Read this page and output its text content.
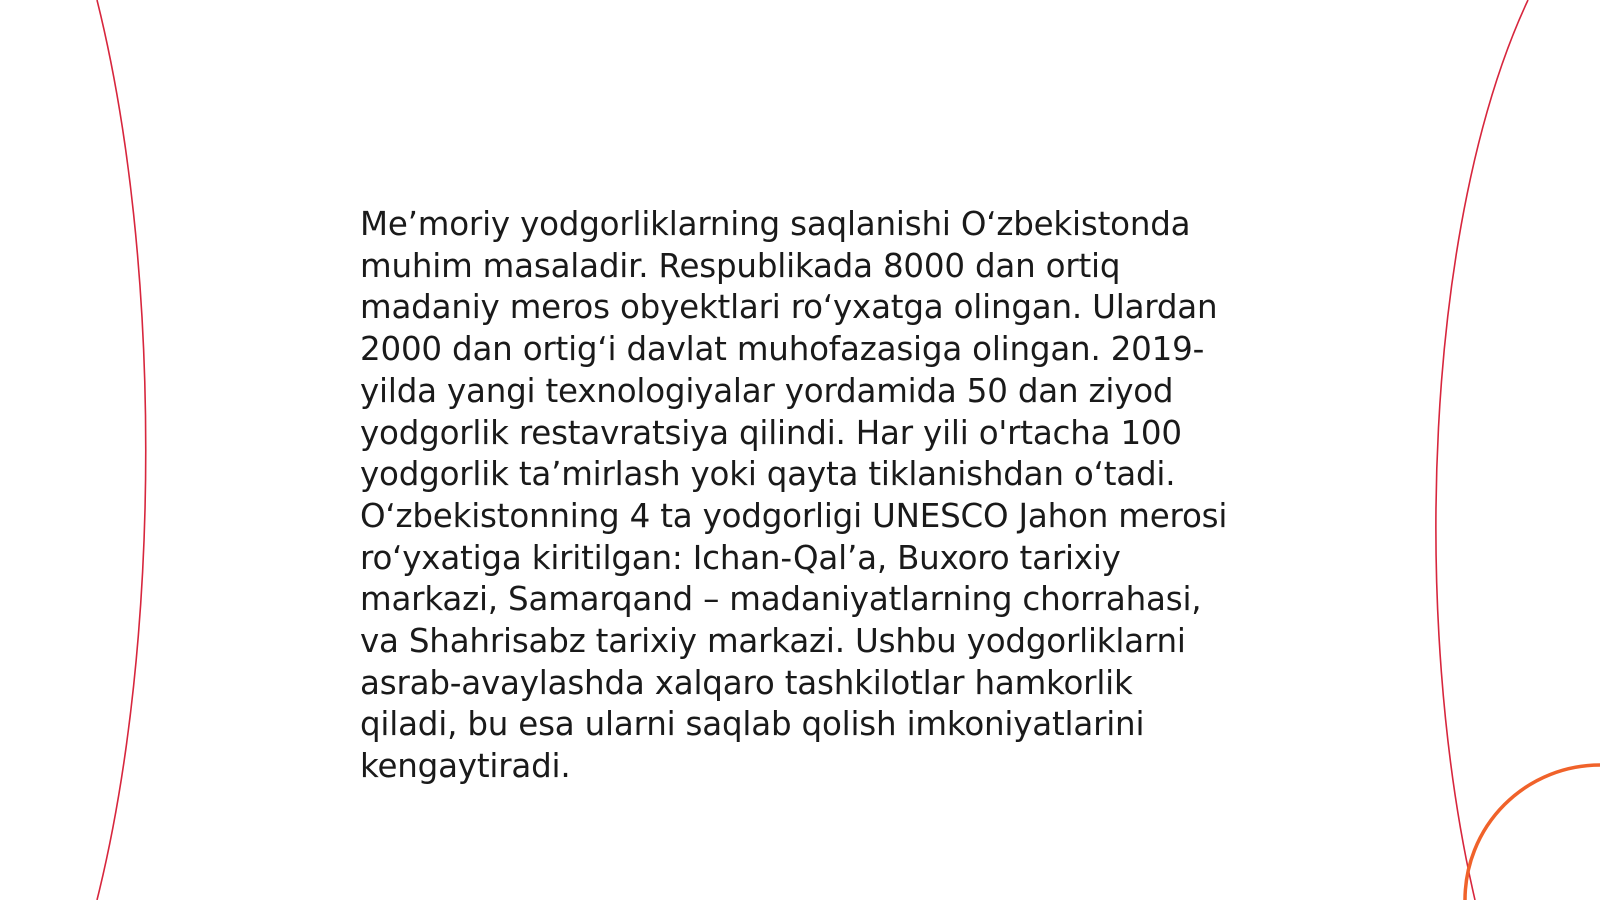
Me’moriy yodgorliklarning saqlanishi O‘zbekistonda
muhim masaladir. Respublikada 8000 dan ortiq
madaniy meros obyektlari ro‘yxatga olingan. Ulardan
2000 dan ortig‘i davlat muhofazasiga olingan. 2019-
yilda yangi texnologiyalar yordamida 50 dan ziyod
yodgorlik restavratsiya qilindi. Har yili o'rtacha 100
yodgorlik ta’mirlash yoki qayta tiklanishdan o‘tadi.
O‘zbekistonning 4 ta yodgorligi UNESCO Jahon merosi
ro‘yxatiga kiritilgan: Ichan-Qal’a, Buxoro tarixiy
markazi, Samarqand – madaniyatlarning chorrahasi,
va Shahrisabz tarixiy markazi. Ushbu yodgorliklarni
asrab-avaylashda xalqaro tashkilotlar hamkorlik
qiladi, bu esa ularni saqlab qolish imkoniyatlarini
kengaytiradi.
